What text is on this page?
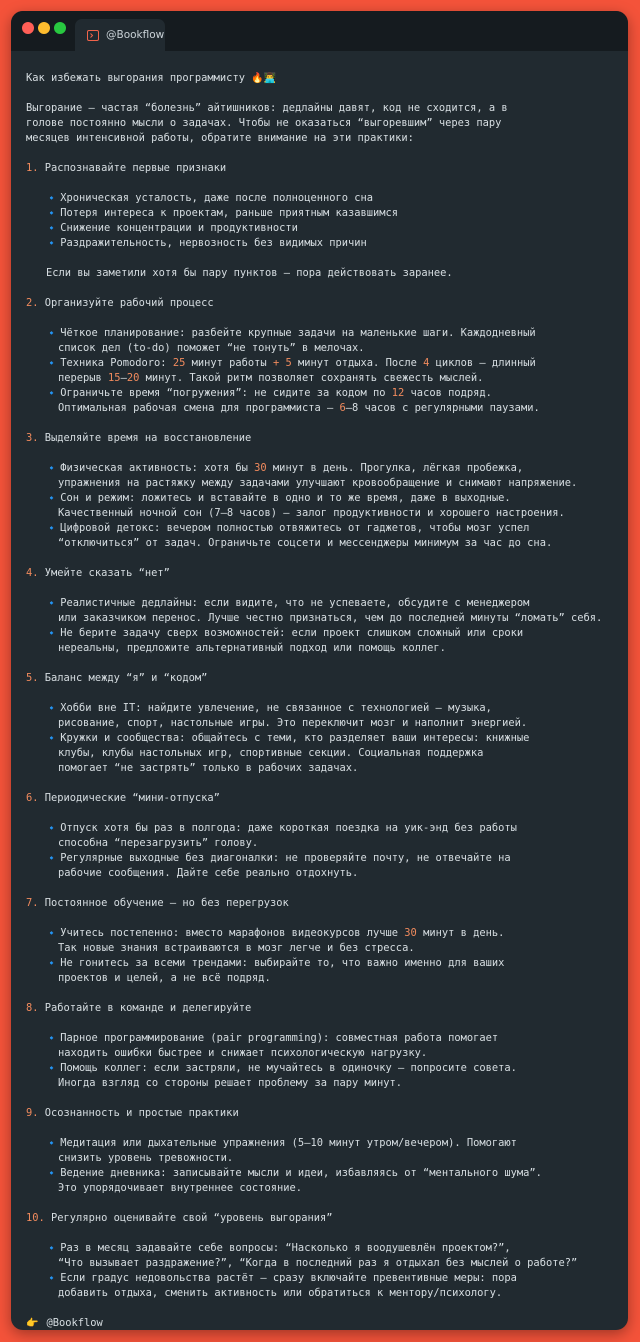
@Bookflow
Как избежать выгорания программисту 🔥👨‍💻
Выгорание – частая “болезнь” айтишников: дедлайны давят, код не сходится, а в
голове постоянно мысли о задачах. Чтобы не оказаться “выгоревшим” через пару
месяцев интенсивной работы, обратите внимание на эти практики:
1. Распознавайте первые признаки
🔹 Хроническая усталость, даже после полноценного сна
🔹 Потеря интереса к проектам, раньше приятным казавшимся
🔹 Снижение концентрации и продуктивности
🔹 Раздражительность, нервозность без видимых причин
Если вы заметили хотя бы пару пунктов – пора действовать заранее.
2. Организуйте рабочий процесс
🔹 Чёткое планирование: разбейте крупные задачи на маленькие шаги. Каждодневный
список дел (to-do) поможет “не тонуть” в мелочах.
🔹 Техника Pomodoro: 25 минут работы + 5 минут отдыха. После 4 циклов — длинный
перерыв 15–20 минут. Такой ритм позволяет сохранять свежесть мыслей.
🔹 Ограничьте время “погружения”: не сидите за кодом по 12 часов подряд.
Оптимальная рабочая смена для программиста – 6–8 часов с регулярными паузами.
3. Выделяйте время на восстановление
🔹 Физическая активность: хотя бы 30 минут в день. Прогулка, лёгкая пробежка,
упражнения на растяжку между задачами улучшают кровообращение и снимают напряжение.
🔹 Сон и режим: ложитесь и вставайте в одно и то же время, даже в выходные.
Качественный ночной сон (7–8 часов) – залог продуктивности и хорошего настроения.
🔹 Цифровой детокс: вечером полностью отвяжитесь от гаджетов, чтобы мозг успел
“отключиться” от задач. Ограничьте соцсети и мессенджеры минимум за час до сна.
4. Умейте сказать “нет”
🔹 Реалистичные дедлайны: если видите, что не успеваете, обсудите с менеджером
или заказчиком перенос. Лучше честно признаться, чем до последней минуты “ломать” себя.
🔹 Не берите задачу сверх возможностей: если проект слишком сложный или сроки
нереальны, предложите альтернативный подход или помощь коллег.
5. Баланс между “я” и “кодом”
🔹 Хобби вне IT: найдите увлечение, не связанное с технологией — музыка,
рисование, спорт, настольные игры. Это переключит мозг и наполнит энергией.
🔹 Кружки и сообщества: общайтесь с теми, кто разделяет ваши интересы: книжные
клубы, клубы настольных игр, спортивные секции. Социальная поддержка
помогает “не застрять” только в рабочих задачах.
6. Периодические “мини-отпуска”
🔹 Отпуск хотя бы раз в полгода: даже короткая поездка на уик-энд без работы
способна “перезагрузить” голову.
🔹 Регулярные выходные без диагоналки: не проверяйте почту, не отвечайте на
рабочие сообщения. Дайте себе реально отдохнуть.
7. Постоянное обучение – но без перегрузок
🔹 Учитесь постепенно: вместо марафонов видеокурсов лучше 30 минут в день.
Так новые знания встраиваются в мозг легче и без стресса.
🔹 Не гонитесь за всеми трендами: выбирайте то, что важно именно для ваших
проектов и целей, а не всё подряд.
8. Работайте в команде и делегируйте
🔹 Парное программирование (pair programming): совместная работа помогает
находить ошибки быстрее и снижает психологическую нагрузку.
🔹 Помощь коллег: если застряли, не мучайтесь в одиночку – попросите совета.
Иногда взгляд со стороны решает проблему за пару минут.
9. Осознанность и простые практики
🔹 Медитация или дыхательные упражнения (5–10 минут утром/вечером). Помогают
снизить уровень тревожности.
🔹 Ведение дневника: записывайте мысли и идеи, избавляясь от “ментального шума”.
Это упорядочивает внутреннее состояние.
10. Регулярно оценивайте свой “уровень выгорания”
🔹 Раз в месяц задавайте себе вопросы: “Насколько я воодушевлён проектом?”,
“Что вызывает раздражение?”, “Когда в последний раз я отдыхал без мыслей о работе?”
🔹 Если градус недовольства растёт – сразу включайте превентивные меры: пора
добавить отдыха, сменить активность или обратиться к ментору/психологу.
👉 @Bookflow
